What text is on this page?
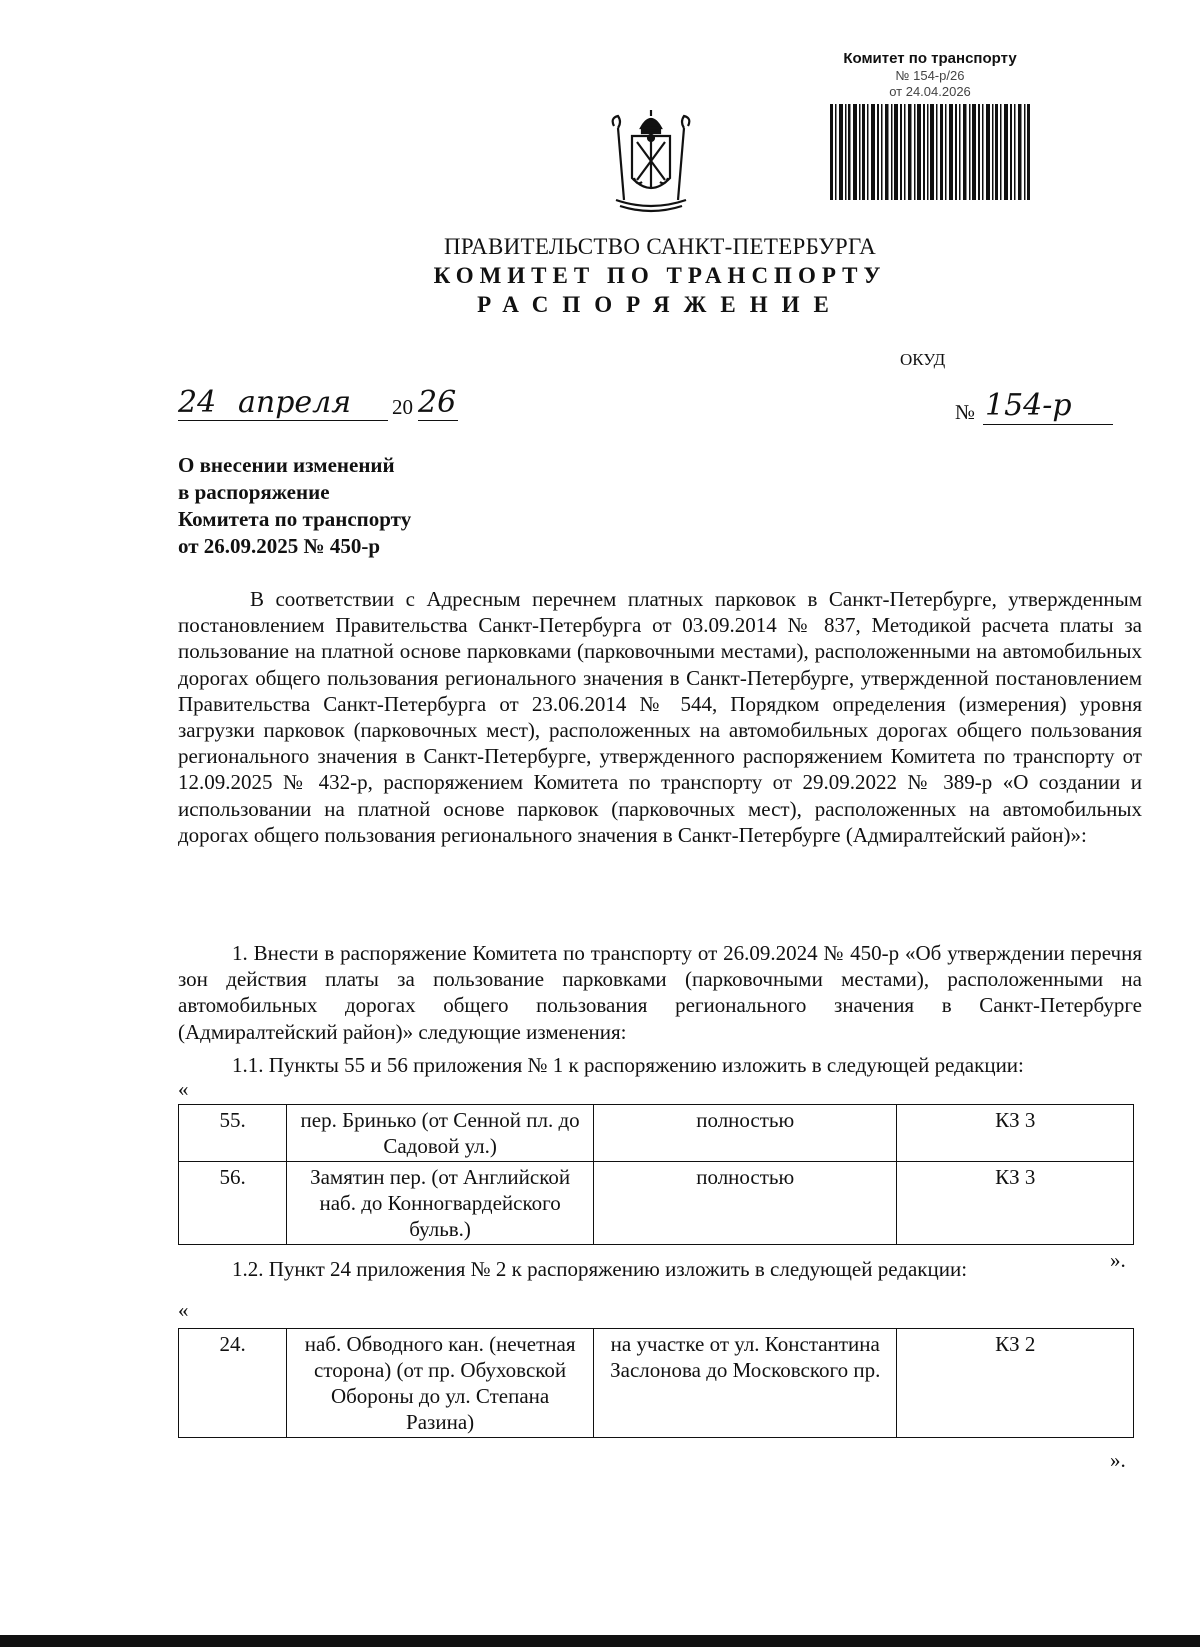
Комитет по транспорту
№ 154-р/26
от 24.04.2026
ПРАВИТЕЛЬСТВО САНКТ-ПЕТЕРБУРГА
КОМИТЕТ ПО ТРАНСПОРТУ
РАСПОРЯЖЕНИЕ
ОКУД
24 апреля 20 26	№ 154-р
О внесении изменений
в распоряжение
Комитета по транспорту
от 26.09.2025 № 450-р
В соответствии с Адресным перечнем платных парковок в Санкт-Петербурге, утвержденным постановлением Правительства Санкт-Петербурга от 03.09.2014 № 837, Методикой расчета платы за пользование на платной основе парковками (парковочными местами), расположенными на автомобильных дорогах общего пользования регионального значения в Санкт-Петербурге, утвержденной постановлением Правительства Санкт-Петербурга от 23.06.2014 № 544, Порядком определения (измерения) уровня загрузки парковок (парковочных мест), расположенных на автомобильных дорогах общего пользования регионального значения в Санкт-Петербурге, утвержденного распоряжением Комитета по транспорту от 12.09.2025 № 432-р, распоряжением Комитета по транспорту от 29.09.2022 № 389-р «О создании и использовании на платной основе парковок (парковочных мест), расположенных на автомобильных дорогах общего пользования регионального значения в Санкт-Петербурге (Адмиралтейский район)»:
1. Внести в распоряжение Комитета по транспорту от 26.09.2024 № 450-р «Об утверждении перечня зон действия платы за пользование парковками (парковочными местами), расположенными на автомобильных дорогах общего пользования регионального значения в Санкт-Петербурге (Адмиралтейский район)» следующие изменения:
1.1. Пункты 55 и 56 приложения № 1 к распоряжению изложить в следующей редакции:
«
55.	пер. Бринько (от Сенной пл. до Садовой ул.)	полностью	КЗ 3
56.	Замятин пер. (от Английской наб. до Конногвардейского бульв.)	полностью	КЗ 3
».
1.2. Пункт 24 приложения № 2 к распоряжению изложить в следующей редакции:
«
24.	наб. Обводного кан. (нечетная сторона) (от пр. Обуховской Обороны до ул. Степана Разина)	на участке от ул. Константина Заслонова до Московского пр.	КЗ 2
».
